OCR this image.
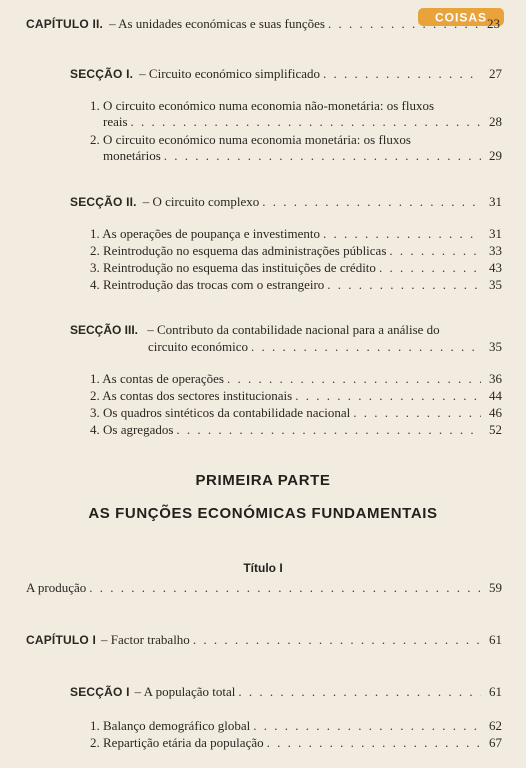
COISAS
CAPÍTULO II. – As unidades económicas e suas funções . . .	23
SECÇÃO I. – Circuito económico simplificado . . .	27
1. O circuito económico numa economia não-monetária: os fluxos
reais . . .	28
2. O circuito económico numa economia monetária: os fluxos
monetários . . .	29
SECÇÃO II. – O circuito complexo . . .	31
1. As operações de poupança e investimento . . .	31
2. Reintrodução no esquema das administrações públicas . . .	33
3. Reintrodução no esquema das instituições de crédito . . .	43
4. Reintrodução das trocas com o estrangeiro . . .	35
SECÇÃO III. – Contributo da contabilidade nacional para a análise do
circuito económico . . .	35
1. As contas de operações . . .	36
2. As contas dos sectores institucionais . . .	44
3. Os quadros sintéticos da contabilidade nacional . . .	46
4. Os agregados . . .	52
PRIMEIRA PARTE
AS FUNÇÕES ECONÓMICAS FUNDAMENTAIS
Título I
A produção . . .	59
CAPÍTULO I – Factor trabalho . . .	61
SECÇÃO I – A população total . . .	61
1. Balanço demográfico global . . .	62
2. Repartição etária da população . . .	67
